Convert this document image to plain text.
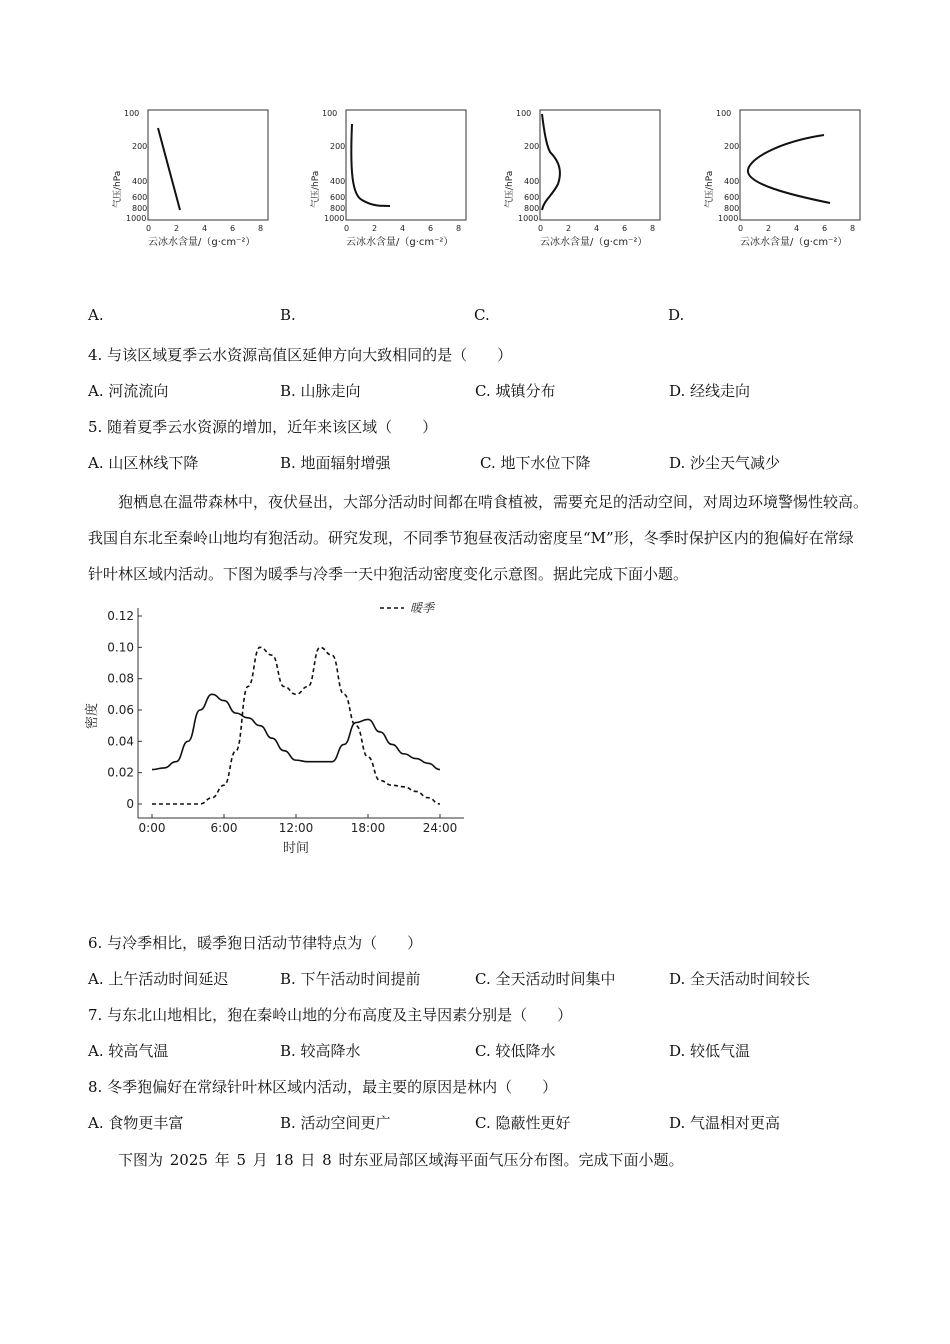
A.
100
200
400
600
800
1000
0	2	4	6	8
云冰水含量/（g·cm⁻²）
气压/hPa
B.
100
200
400
600
800
1000
0	2	4	6	8
云冰水含量/（g·cm⁻²）
气压/hPa
C.
100
200
400
600
800
1000
0	2	4	6	8
云冰水含量/（g·cm⁻²）
气压/hPa
D.
100
200
400
600
800
1000
0	2	4	6	8
云冰水含量/（g·cm⁻²）
气压/hPa
4. 与该区域夏季云水资源高值区延伸方向大致相同的是（　　）
A. 河流流向	B. 山脉走向	C. 城镇分布	D. 经线走向
5. 随着夏季云水资源的增加，近年来该区域（　　）
A. 山区林线下降	B. 地面辐射增强	C. 地下水位下降	D. 沙尘天气减少

狍栖息在温带森林中，夜伏昼出，大部分活动时间都在啃食植被，需要充足的活动空间，对周边环境警惕性较高。我国自东北至秦岭山地均有狍活动。研究发现，不同季节狍昼夜活动密度呈“M”形，冬季时保护区内的狍偏好在常绿针叶林区域内活动。下图为暖季与冷季一天中狍活动密度变化示意图。据此完成下面小题。

0
0.02
0.04
0.06
0.08
0.10
0.12
0:00	6:00	12:00	18:00	24:00
时间
密度
暖季
6. 与冷季相比，暖季狍日活动节律特点为（　　）
A. 上午活动时间延迟	B. 下午活动时间提前	C. 全天活动时间集中	D. 全天活动时间较长
7. 与东北山地相比，狍在秦岭山地的分布高度及主导因素分别是（　　）
A. 较高气温	B. 较高降水	C. 较低降水	D. 较低气温
8. 冬季狍偏好在常绿针叶林区域内活动，最主要的原因是林内（　　）
A. 食物更丰富	B. 活动空间更广	C. 隐蔽性更好	D. 气温相对更高
下图为 2025 年 5 月 18 日 8 时东亚局部区域海平面气压分布图。完成下面小题。
